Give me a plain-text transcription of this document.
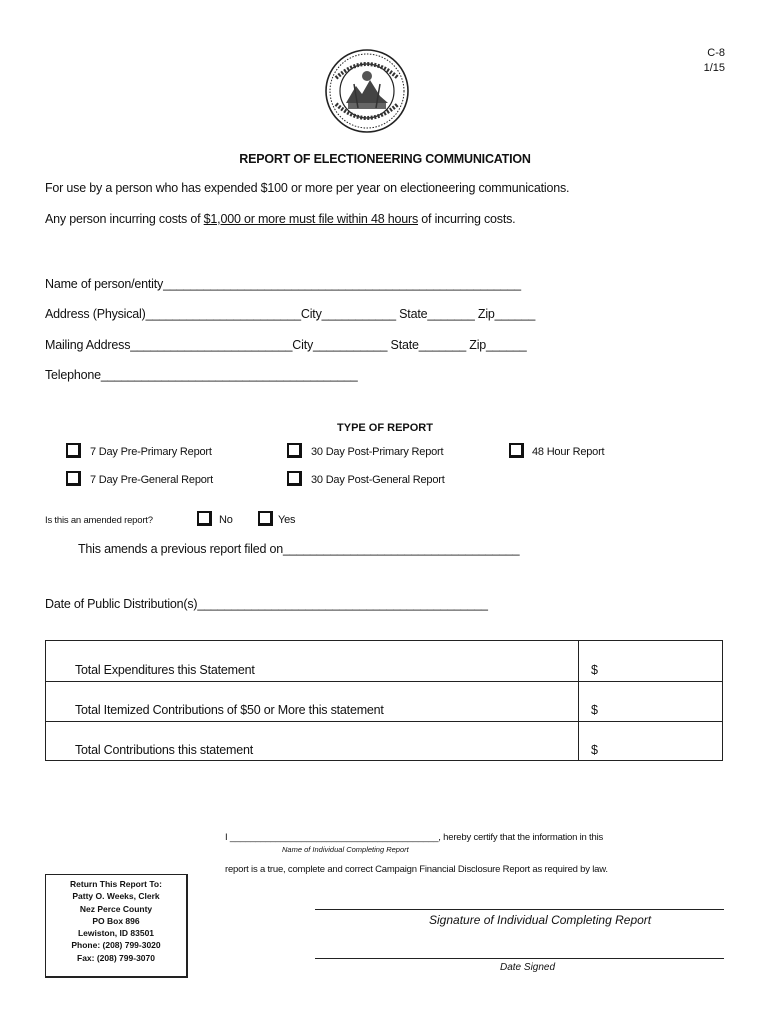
C-8
1/15
REPORT OF ELECTIONEERING COMMUNICATION
For use by a person who has expended $100 or more per year on electioneering communications.
Any person incurring costs of $1,000 or more must file within 48 hours of incurring costs.
Name of person/entity_____________________________________________________
Address (Physical)_______________________City___________ State_______ Zip______
Mailing Address________________________City___________ State_______ Zip______
Telephone______________________________________
TYPE OF REPORT
7 Day Pre-Primary Report	30 Day Post-Primary Report	48 Hour Report
7 Day Pre-General Report	30 Day Post-General Report
Is this an amended report?	No	Yes
This amends a previous report filed on___________________________________
Date of Public Distribution(s)___________________________________________
Total Expenditures this Statement	$
Total Itemized Contributions of $50 or More this statement	$
Total Contributions this statement	$
I _________________________________________, hereby certify that the information in this
Name of Individual Completing Report
report is a true, complete and correct Campaign Financial Disclosure Report as required by law.
Signature of Individual Completing Report
Date Signed
Return This Report To:
Patty O. Weeks, Clerk
Nez Perce County
PO Box 896
Lewiston, ID 83501
Phone: (208) 799-3020
Fax: (208) 799-3070
